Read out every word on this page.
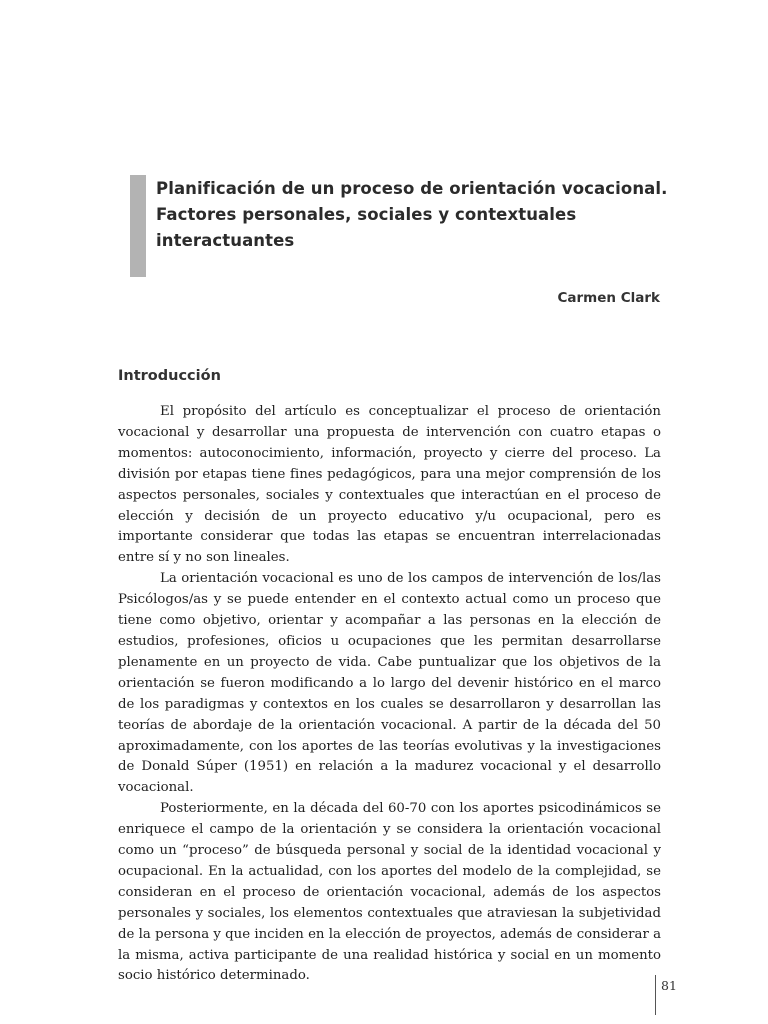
Planificación de un proceso de orientación vocacional. Factores personales, sociales y contextuales interactuantes
Carmen Clark
Introducción

El propósito del artículo es conceptualizar el proceso de orientación vocacional y desarrollar una propuesta de intervención con cuatro etapas o momentos: autoconocimiento, información, proyecto y cierre del proceso. La división por etapas tiene fines pedagógicos, para una mejor comprensión de los aspectos personales, sociales y contextuales que interactúan en el proceso de elección y decisión de un proyecto educativo y/u ocupacional, pero es importante considerar que todas las etapas se encuentran interrelacionadas entre sí y no son lineales.

La orientación vocacional es uno de los campos de intervención de los/las Psicólogos/as y se puede entender en el contexto actual como un proceso que tiene como objetivo, orientar y acompañar a las personas en la elección de estudios, profesiones, oficios u ocupaciones que les permitan desarrollarse plenamente en un proyecto de vida. Cabe puntualizar que los objetivos de la orientación se fueron modificando a lo largo del devenir histórico en el marco de los paradigmas y contextos en los cuales se desarrollaron y desarrollan las teorías de abordaje de la orientación vocacional. A partir de la década del 50 aproximadamente, con los aportes de las teorías evolutivas y la investigaciones de Donald Súper (1951) en relación a la madurez vocacional y el desarrollo vocacional.

Posteriormente, en la década del 60-70 con los aportes psicodinámicos se enriquece el campo de la orientación y se considera la orientación vocacional como un “proceso” de búsqueda personal y social de la identidad vocacional y ocupacional. En la actualidad, con los aportes del modelo de la complejidad, se consideran en el proceso de orientación vocacional, además de los aspectos personales y sociales, los elementos contextuales que atraviesan la subjetividad de la persona y que inciden en la elección de proyectos, además de considerar a la misma, activa participante de una realidad histórica y social en un momento socio histórico determinado.

81
